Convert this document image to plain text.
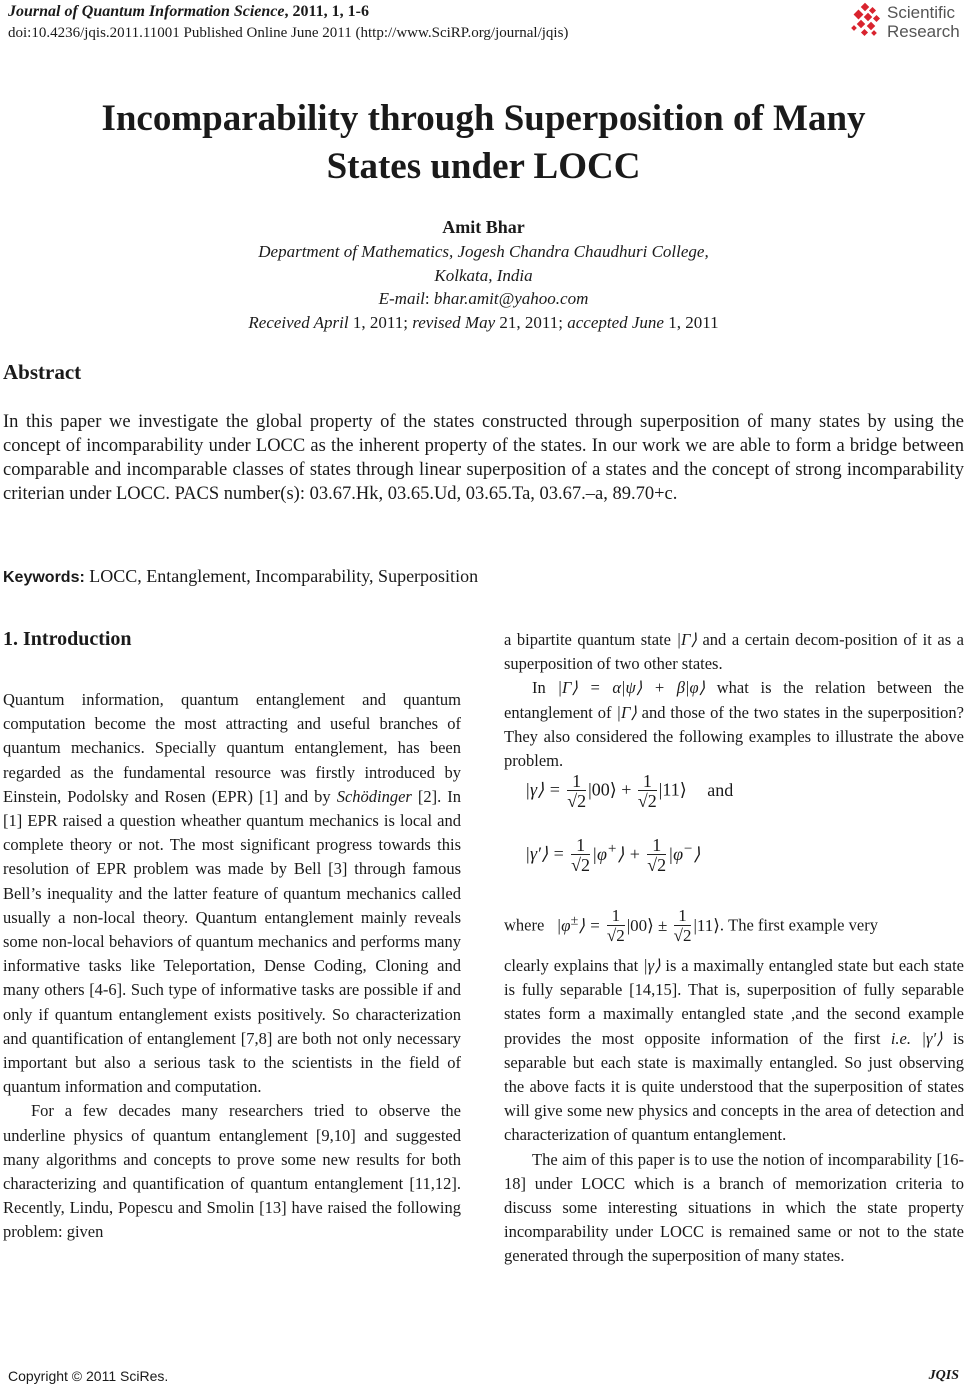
Journal of Quantum Information Science, 2011, 1, 1-6
doi:10.4236/jqis.2011.11001 Published Online June 2011 (http://www.SciRP.org/journal/jqis)
Scientific
Research
Incomparability through Superposition of Many
States under LOCC
Amit Bhar
Department of Mathematics, Jogesh Chandra Chaudhuri College,
Kolkata, India
E-mail: bhar.amit@yahoo.com
Received April 1, 2011; revised May 21, 2011; accepted June 1, 2011
Abstract
In this paper we investigate the global property of the states constructed through superposition of many states by using the concept of incomparability under LOCC as the inherent property of the states. In our work we are able to form a bridge between comparable and incomparable classes of states through linear superposition of a states and the concept of strong incomparability criterian under LOCC. PACS number(s): 03.67.Hk, 03.65.Ud, 03.65.Ta, 03.67.–a, 89.70+c.
Keywords: LOCC, Entanglement, Incomparability, Superposition
1. Introduction

Quantum information, quantum entanglement and quantum computation become the most attracting and useful branches of quantum mechanics. Specially quantum entanglement, has been regarded as the fundamental resource was firstly introduced by Einstein, Podolsky and Rosen (EPR) [1] and by Schödinger [2]. In [1] EPR raised a question wheather quantum mechanics is local and complete theory or not. The most significant progress towards this resolution of EPR problem was made by Bell [3] through famous Bell’s inequality and the latter feature of quantum mechanics called usually a non-local theory. Quantum entanglement mainly reveals some non-local behaviors of quantum mechanics and performs many informative tasks like Teleportation, Dense Coding, Cloning and many others [4-6]. Such type of informative tasks are possible if and only if quantum entanglement exists positively. So characterization and quantification of entanglement [7,8] are both not only necessary important but also a serious task to the scientists in the field of quantum information and computation.

For a few decades many researchers tried to observe the underline physics of quantum entanglement [9,10] and suggested many algorithms and concepts to prove some new results for both characterizing and quantification of quantum entanglement [11,12]. Recently, Lindu, Popescu and Smolin [13] have raised the following problem: given

a bipartite quantum state |Γ⟩ and a certain decom-position of it as a superposition of two other states.

In |Γ⟩ = α|ψ⟩ + β|φ⟩ what is the relation between the entanglement of |Γ⟩ and those of the two states in the superposition? They also considered the following examples to illustrate the above problem.

|γ⟩ = $\frac{1}{√2}$ |00⟩ + $\frac{1}{√2}$ |11⟩ and
|γ′⟩ = $\frac{1}{√2}$ |φ+⟩ + $\frac{1}{√2}$ |φ−⟩
where |φ±⟩ = $\frac{1}{√2}$ |00⟩ ± $\frac{1}{√2}$ |11⟩. The first example very

clearly explains that |γ⟩ is a maximally entangled state but each state is fully separable [14,15]. That is, superposition of fully separable states form a maximally entangled state ,and the second example provides the most opposite information of the first i.e. |γ′⟩ is separable but each state is maximally entangled. So just observing the above facts it is quite understood that the superposition of states will give some new physics and concepts in the area of detection and characterization of quantum entanglement.

The aim of this paper is to use the notion of incomparability [16-18] under LOCC which is a branch of memorization criteria to discuss some interesting situations in which the state property incomparability under LOCC is remained same or not to the state generated through the superposition of many states.

Copyright © 2011 SciRes.	JQIS
